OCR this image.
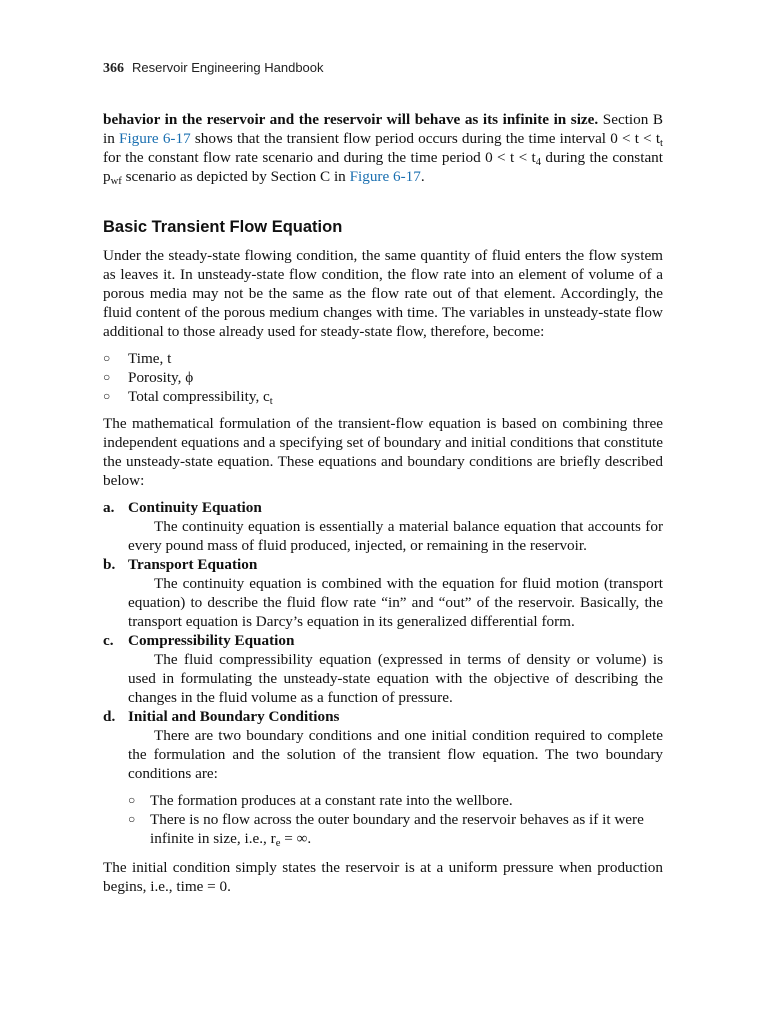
366 Reservoir Engineering Handbook

behavior in the reservoir and the reservoir will behave as its infinite in size. Section B in Figure 6-17 shows that the transient flow period occurs during the time interval $0 < t < t_t$ for the constant flow rate scenario and during the time period $0 < t < t_4$ during the constant $p_{wf}$ scenario as depicted by Section C in Figure 6-17.

Basic Transient Flow Equation

Under the steady-state flowing condition, the same quantity of fluid enters the flow system as leaves it. In unsteady-state flow condition, the flow rate into an element of volume of a porous media may not be the same as the flow rate out of that element. Accordingly, the fluid content of the porous medium changes with time. The variables in unsteady-state flow additional to those already used for steady-state flow, therefore, become:

○ Time, t
○ Porosity, ϕ
○ Total compressibility, $c_t$

The mathematical formulation of the transient-flow equation is based on combining three independent equations and a specifying set of boundary and initial conditions that constitute the unsteady-state equation. These equations and boundary conditions are briefly described below:

a. Continuity Equation
The continuity equation is essentially a material balance equation that accounts for every pound mass of fluid produced, injected, or remaining in the reservoir.
b. Transport Equation
The continuity equation is combined with the equation for fluid motion (transport equation) to describe the fluid flow rate “in” and “out” of the reservoir. Basically, the transport equation is Darcy’s equation in its generalized differential form.
c. Compressibility Equation
The fluid compressibility equation (expressed in terms of density or volume) is used in formulating the unsteady-state equation with the objective of describing the changes in the fluid volume as a function of pressure.
d. Initial and Boundary Conditions
There are two boundary conditions and one initial condition required to complete the formulation and the solution of the transient flow equation. The two boundary conditions are:
○ The formation produces at a constant rate into the wellbore.
○ There is no flow across the outer boundary and the reservoir behaves as if it were infinite in size, i.e., $r_e$ = ∞.

The initial condition simply states the reservoir is at a uniform pressure when production begins, i.e., time = 0.
